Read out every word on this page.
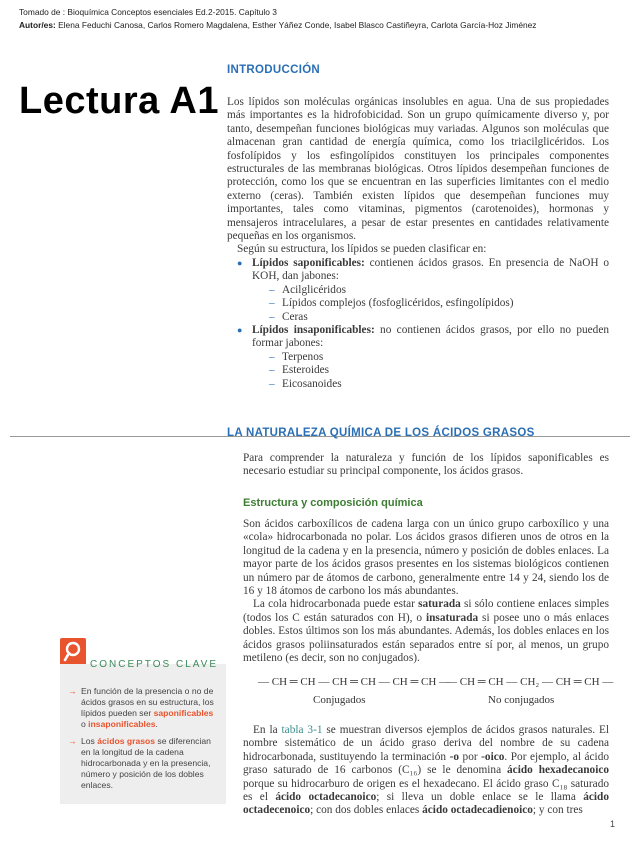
Tomado de : Bioquímica Conceptos esenciales Ed.2-2015. Capítulo 3
Autor/es: Elena Feduchi Canosa, Carlos Romero Magdalena, Esther Yáñez Conde, Isabel Blasco Castiñeyra, Carlota García-Hoz Jiménez
Lectura A1
INTRODUCCIÓN

Los lípidos son moléculas orgánicas insolubles en agua. Una de sus propiedades más importantes es la hidrofobicidad. Son un grupo químicamente diverso y, por tanto, desempeñan funciones biológicas muy variadas. Algunos son moléculas que almacenan gran cantidad de energía química, como los triacilglicéridos. Los fosfolípidos y los esfingolípidos constituyen los principales componentes estructurales de las membranas biológicas. Otros lípidos desempeñan funciones de protección, como los que se encuentran en las superficies limitantes con el medio externo (ceras). También existen lípidos que desempeñan funciones muy importantes, tales como vitaminas, pigmentos (carotenoides), hormonas y mensajeros intracelulares, a pesar de estar presentes en cantidades relativamente pequeñas en los organismos.

Según su estructura, los lípidos se pueden clasificar en:

● Lípidos saponificables: contienen ácidos grasos. En presencia de NaOH o KOH, dan jabones:
– Acilglicéridos
– Lípidos complejos (fosfoglicéridos, esfingolípidos)
– Ceras
● Lípidos insaponificables: no contienen ácidos grasos, por ello no pueden formar jabones:
– Terpenos
– Esteroides
– Eicosanoides
LA NATURALEZA QUÍMICA DE LOS ÁCIDOS GRASOS

Para comprender la naturaleza y función de los lípidos saponificables es necesario estudiar su principal componente, los ácidos grasos.

Estructura y composición química

Son ácidos carboxílicos de cadena larga con un único grupo carboxílico y una «cola» hidrocarbonada no polar. Los ácidos grasos difieren unos de otros en la longitud de la cadena y en la presencia, número y posición de dobles enlaces. La mayor parte de los ácidos grasos presentes en los sistemas biológicos contienen un número par de átomos de carbono, generalmente entre 14 y 24, siendo los de 16 y 18 átomos de carbono los más abundantes.

La cola hidrocarbonada puede estar saturada si sólo contiene enlaces simples (todos los C están saturados con H), o insaturada si posee uno o más enlaces dobles. Estos últimos son los más abundantes. Además, los dobles enlaces en los ácidos grasos poliinsaturados están separados entre sí por, al menos, un grupo metileno (es decir, son no conjugados).

— CH ═ CH — CH ═ CH — CH ═ CH —
Conjugados
— CH ═ CH — CH₂ — CH ═ CH —
No conjugados

En la tabla 3-1 se muestran diversos ejemplos de ácidos grasos naturales. El nombre sistemático de un ácido graso deriva del nombre de su cadena hidrocarbonada, sustituyendo la terminación -o por -oico. Por ejemplo, al ácido graso saturado de 16 carbonos (C₁₆) se le denomina ácido hexadecanoico porque su hidrocarburo de origen es el hexadecano. El ácido graso C₁₈ saturado es el ácido octadecanoico; si lleva un doble enlace se le llama ácido octadecenoico; con dos dobles enlaces ácido octadecadienoico; y con tres

CONCEPTOS CLAVE
→ En función de la presencia o no de ácidos grasos en su estructura, los lípidos pueden ser saponificables o insaponificables.
→ Los ácidos grasos se diferencian en la longitud de la cadena hidrocarbonada y en la presencia, número y posición de los dobles enlaces.
1
